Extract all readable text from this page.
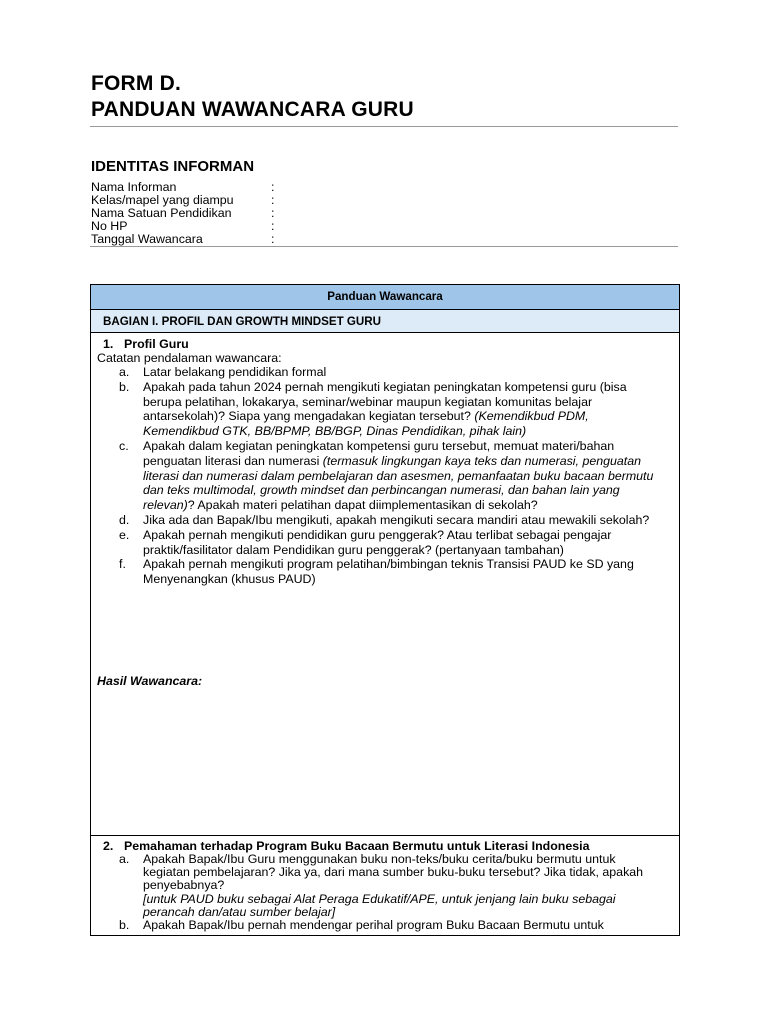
FORM D.
PANDUAN WAWANCARA GURU
IDENTITAS INFORMAN
Nama Informan	:
Kelas/mapel yang diampu	:
Nama Satuan Pendidikan	:
No HP	:
Tanggal Wawancara	:
Panduan Wawancara
BAGIAN I. PROFIL DAN GROWTH MINDSET GURU
1. Profil Guru
Catatan pendalaman wawancara:
a.	Latar belakang pendidikan formal
b.	Apakah pada tahun 2024 pernah mengikuti kegiatan peningkatan kompetensi guru (bisa berupa pelatihan, lokakarya, seminar/webinar maupun kegiatan komunitas belajar antarsekolah)? Siapa yang mengadakan kegiatan tersebut? (Kemendikbud PDM, Kemendikbud GTK, BB/BPMP, BB/BGP, Dinas Pendidikan, pihak lain)
c.	Apakah dalam kegiatan peningkatan kompetensi guru tersebut, memuat materi/bahan penguatan literasi dan numerasi (termasuk lingkungan kaya teks dan numerasi, penguatan literasi dan numerasi dalam pembelajaran dan asesmen, pemanfaatan buku bacaan bermutu dan teks multimodal, growth mindset dan perbincangan numerasi, dan bahan lain yang relevan)? Apakah materi pelatihan dapat diimplementasikan di sekolah?
d.	Jika ada dan Bapak/Ibu mengikuti, apakah mengikuti secara mandiri atau mewakili sekolah?
e.	Apakah pernah mengikuti pendidikan guru penggerak? Atau terlibat sebagai pengajar praktik/fasilitator dalam Pendidikan guru penggerak? (pertanyaan tambahan)
f.	Apakah pernah mengikuti program pelatihan/bimbingan teknis Transisi PAUD ke SD yang Menyenangkan (khusus PAUD)
Hasil Wawancara:
2. Pemahaman terhadap Program Buku Bacaan Bermutu untuk Literasi Indonesia
a.	Apakah Bapak/Ibu Guru menggunakan buku non-teks/buku cerita/buku bermutu untuk kegiatan pembelajaran? Jika ya, dari mana sumber buku-buku tersebut? Jika tidak, apakah penyebabnya?
[untuk PAUD buku sebagai Alat Peraga Edukatif/APE, untuk jenjang lain buku sebagai perancah dan/atau sumber belajar]
b.	Apakah Bapak/Ibu pernah mendengar perihal program Buku Bacaan Bermutu untuk
